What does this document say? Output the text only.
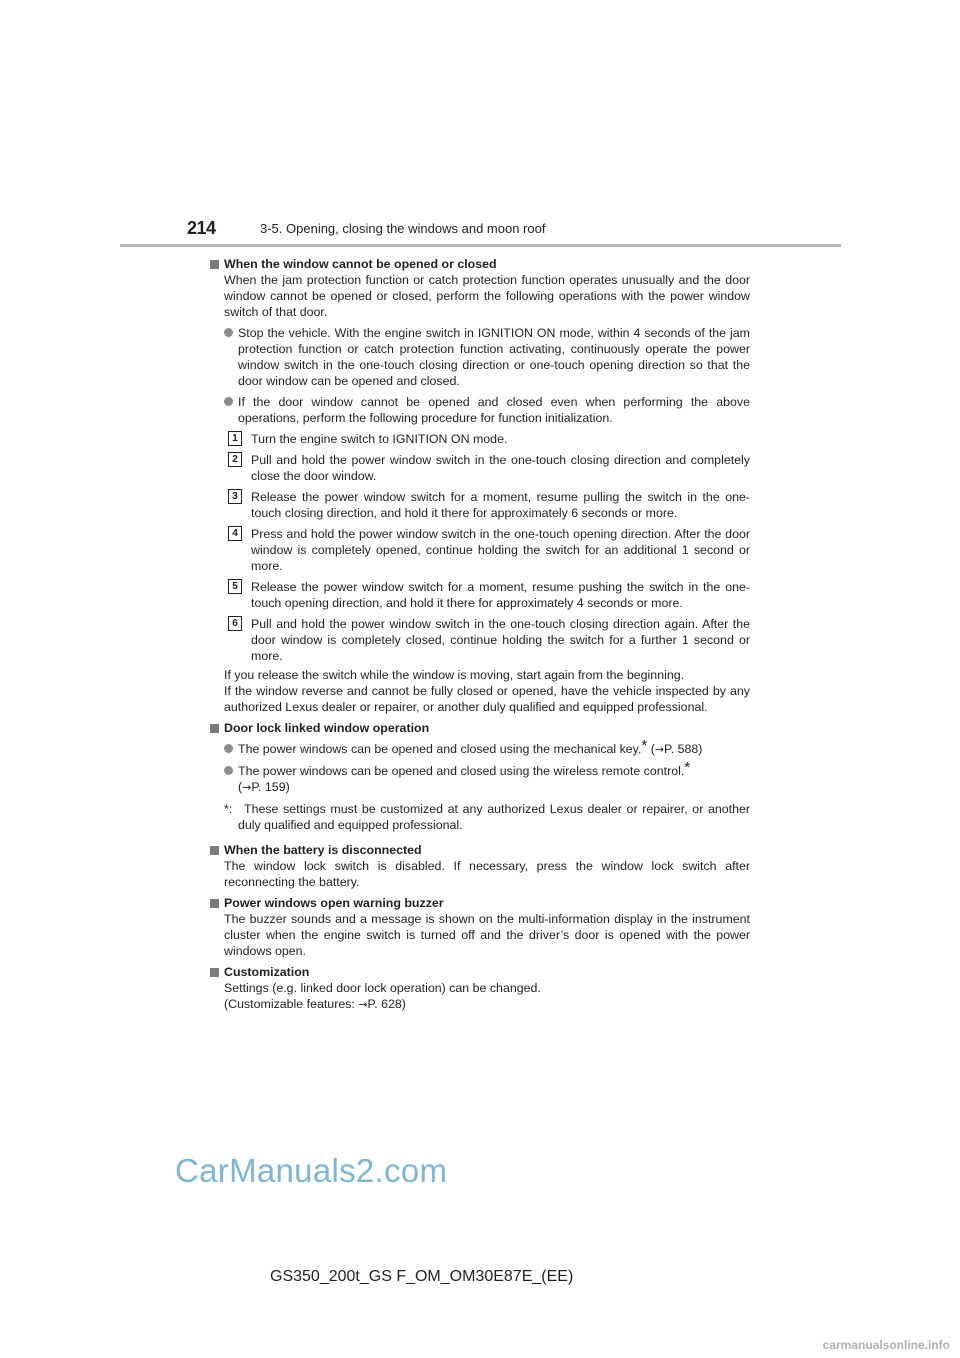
214	3-5. Opening, closing the windows and moon roof
When the window cannot be opened or closed
When the jam protection function or catch protection function operates unusually and the door window cannot be opened or closed, perform the following operations with the power window switch of that door.
Stop the vehicle. With the engine switch in IGNITION ON mode, within 4 seconds of the jam protection function or catch protection function activating, continuously operate the power window switch in the one-touch closing direction or one-touch opening direction so that the door window can be opened and closed.
If the door window cannot be opened and closed even when performing the above operations, perform the following procedure for function initialization.
1	Turn the engine switch to IGNITION ON mode.
2	Pull and hold the power window switch in the one-touch closing direction and completely close the door window.
3	Release the power window switch for a moment, resume pulling the switch in the one-touch closing direction, and hold it there for approximately 6 seconds or more.
4	Press and hold the power window switch in the one-touch opening direction. After the door window is completely opened, continue holding the switch for an additional 1 second or more.
5	Release the power window switch for a moment, resume pushing the switch in the one-touch opening direction, and hold it there for approximately 4 seconds or more.
6	Pull and hold the power window switch in the one-touch closing direction again. After the door window is completely closed, continue holding the switch for a further 1 second or more.
If you release the switch while the window is moving, start again from the beginning.
If the window reverse and cannot be fully closed or opened, have the vehicle inspected by any authorized Lexus dealer or repairer, or another duly qualified and equipped professional.
Door lock linked window operation
The power windows can be opened and closed using the mechanical key.* (→P. 588)
The power windows can be opened and closed using the wireless remote control.*
(→P. 159)
*: These settings must be customized at any authorized Lexus dealer or repairer, or another duly qualified and equipped professional.
When the battery is disconnected
The window lock switch is disabled. If necessary, press the window lock switch after reconnecting the battery.
Power windows open warning buzzer
The buzzer sounds and a message is shown on the multi-information display in the instrument cluster when the engine switch is turned off and the driver’s door is opened with the power windows open.
Customization
Settings (e.g. linked door lock operation) can be changed.
(Customizable features: →P. 628)
CarManuals2.com
GS350_200t_GS F_OM_OM30E87E_(EE)
carmanualsonline.info
